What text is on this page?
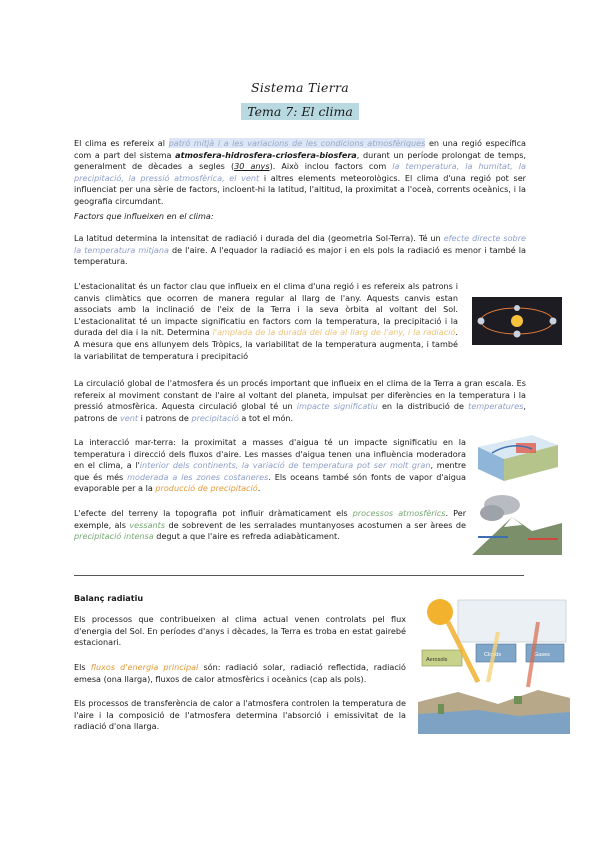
Sistema Tierra
Tema 7: El clima
El clima es refereix al patró mitjà i a les variacions de les condicions atmosfèriques en una regió específica com a part del sistema atmosfera-hidrosfera-criosfera-biosfera, durant un període prolongat de temps, generalment de dècades a segles (30 anys). Això inclou factors com la temperatura, la humitat, la precipitació, la pressió atmosfèrica, el vent i altres elements meteorològics. El clima d'una regió pot ser influenciat per una sèrie de factors, incloent-hi la latitud, l'altitud, la proximitat a l'oceà, corrents oceànics, i la geografia circumdant.
Factors que influeixen en el clima:
La latitud determina la intensitat de radiació i durada del dia (geometria Sol-Terra). Té un efecte directe sobre la temperatura mitjana de l'aire. A l'equador la radiació es major i en els pols la radiació es menor i també la temperatura.
L'estacionalitat és un factor clau que influeix en el clima d'una regió i es refereix als patrons i canvis climàtics que ocorren de manera regular al llarg de l'any. Aquests canvis estan associats amb la inclinació de l'eix de la Terra i la seva òrbita al voltant del Sol. L'estacionalitat té un impacte significatiu en factors com la temperatura, la precipitació i la durada del dia i la nit. Determina l'amplada de la durada del dia al llarg de l'any, i la radiació. A mesura que ens allunyem dels Tròpics, la variabilitat de la temperatura augmenta, i també la variabilitat de temperatura i precipitació
La circulació global de l'atmosfera és un procés important que influeix en el clima de la Terra a gran escala. Es refereix al moviment constant de l'aire al voltant del planeta, impulsat per diferències en la temperatura i la pressió atmosfèrica. Aquesta circulació global té un impacte significatiu en la distribució de temperatures, patrons de vent i patrons de precipitació a tot el món.
La interacció mar-terra: la proximitat a masses d'aigua té un impacte significatiu en la temperatura i direcció dels fluxos d'aire. Les masses d'aigua tenen una influència moderadora en el clima, a l'interior dels continents, la variació de temperatura pot ser molt gran, mentre que és més moderada a les zones costaneres. Els oceans també són fonts de vapor d'aigua evaporable per a la producció de precipitació.
L'efecte del terreny la topografia pot influir dràmaticament els processos atmosfèrics. Per exemple, als vessants de sobrevent de les serralades muntanyoses acostumen a ser àrees de precipitació intensa degut a que l'aire es refreda adiabàticament.
Balanç radiatiu
Els processos que contribueixen al clima actual venen controlats pel flux d'energia del Sol. En períodes d'anys i dècades, la Terra es troba en estat gairebé estacionari.
Els fluxos d'energia principal són: radiació solar, radiació reflectida, radiació emesa (ona llarga), fluxos de calor atmosfèrics i oceànics (cap als pols).
Els processos de transferència de calor a l'atmosfera controlen la temperatura de l'aire i la composició de l'atmosfera determina l'absorció i emissivitat de la radiació d'ona llarga.
Aerosols
Clouds	Gases
